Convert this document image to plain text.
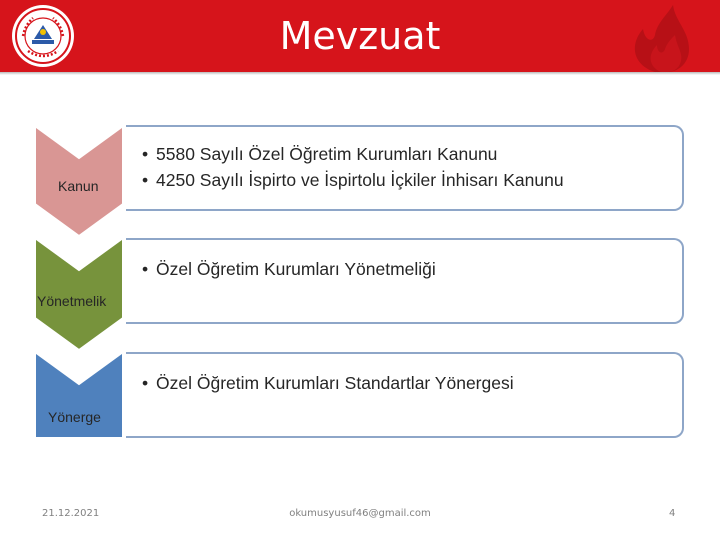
Mevzuat
Kanun
• 5580 Sayılı Özel Öğretim Kurumları Kanunu
• 4250 Sayılı İspirto ve İspirtolu İçkiler İnhisarı Kanunu
Yönetmelik
• Özel Öğretim Kurumları Yönetmeliği
Yönerge
• Özel Öğretim Kurumları Standartlar Yönergesi
21.12.2021	okumusyusuf46@gmail.com	4
